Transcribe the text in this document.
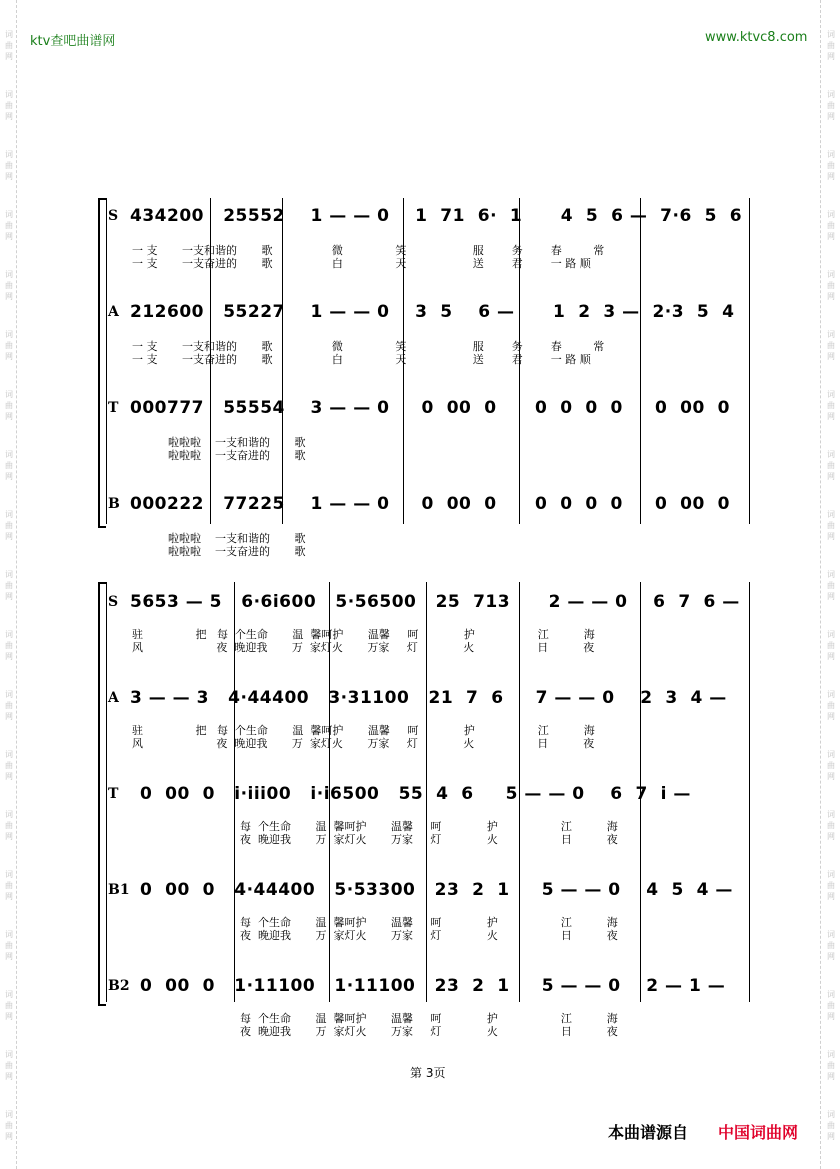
词
曲
网
词
曲
网
词
曲
网
词
曲
网
词
曲
网
词
曲
网
词
曲
网
词
曲
网
词
曲
网
词
曲
网
词
曲
网
词
曲
网
词
曲
网
词
曲
网
词
曲
网
词
曲
网
词
曲
网
词
曲
网
词
曲
网
词
曲
网
词
曲
网
词
曲
网
词
曲
网
词
曲
网
词
曲
网
词
曲
网
词
曲
网
词
曲
网
词
曲
网
词
曲
网
词
曲
网
词
曲
网
词
曲
网
词
曲
网
词
曲
网
词
曲
网
词
曲
网
词
曲
网
ktv查吧曲谱网	www.ktvc8.com
S 434200   25552    1 — — 0    1  71  6·  1      4  5  6 —  7·6  5  6
一 支       一支和谐的       歌                 微               笑                   服        务        春         常
一 支       一支奋进的       歌                 白               天                   送        君        一 路 顺
A 212600   55227    1 — — 0    3  5    6 —      1  2  3 —  2·3  5  4
一 支       一支和谐的       歌                 微               笑                   服        务        春         常
一 支       一支奋进的       歌                 白               天                   送        君        一 路 顺
T 000777   55554    3 — — 0     0  00  0      0  0  0  0     0  00  0
啦啦啦    一支和谐的       歌
啦啦啦    一支奋进的       歌
B 000222   77225    1 — — 0     0  00  0      0  0  0  0     0  00  0
啦啦啦    一支和谐的       歌
啦啦啦    一支奋进的       歌
S 5653 — 5   6·6i600   5·56500   25  713      2 — — 0    6  7  6 —
驻               把   每  个生命       温  馨呵护       温馨     呵             护                  江          海
风                     夜  晚迎我       万  家灯火       万家     灯             火                  日          夜
A 3 — — 3   4·44400   3·31100   21  7  6     7 — — 0    2  3  4 —
驻               把   每  个生命       温  馨呵护       温馨     呵             护                  江          海
风                     夜  晚迎我       万  家灯火       万家     灯             火                  日          夜
T 0  00  0   i·iii00   i·i6500   55  4  6     5 — — 0    6  7  i —
每  个生命       温  馨呵护       温馨     呵             护                  江          海
夜  晚迎我       万  家灯火       万家     灯             火                  日          夜
B1 0  00  0   4·44400   5·53300   23  2  1     5 — — 0    4  5  4 —
每  个生命       温  馨呵护       温馨     呵             护                  江          海
夜  晚迎我       万  家灯火       万家     灯             火                  日          夜
B2 0  00  0   1·11100   1·11100   23  2  1     5 — — 0    2 — 1 —
每  个生命       温  馨呵护       温馨     呵             护                  江          海
夜  晚迎我       万  家灯火       万家     灯             火                  日          夜
第 3页
本曲谱源自 中国词曲网
